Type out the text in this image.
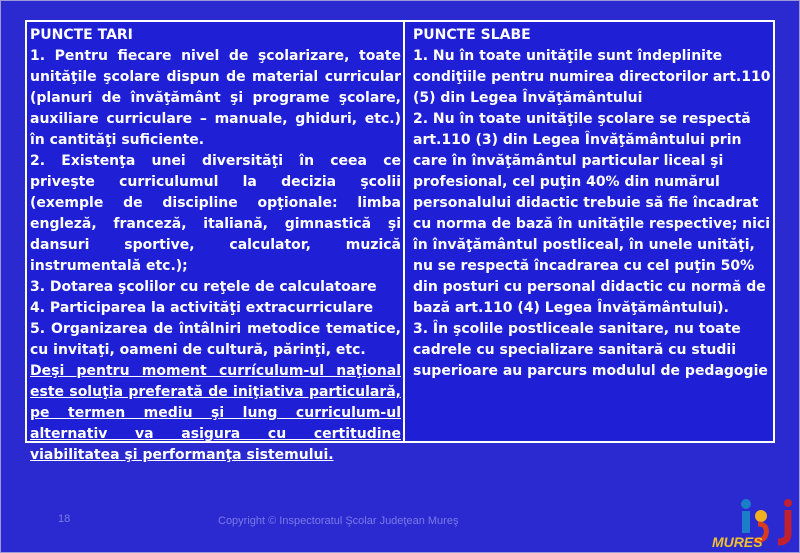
PUNCTE TARI

1. Pentru fiecare nivel de şcolarizare, toate unităţile şcolare dispun de material curricular (planuri de învăţământ şi programe şcolare, auxiliare curriculare – manuale, ghiduri, etc.) în cantităţi suficiente.

2. Existenţa unei diversităţi în ceea ce priveşte curriculumul la decizia şcolii (exemple de discipline opţionale: limba engleză, franceză, italiană, gimnastică şi dansuri sportive, calculator, muzică instrumentală etc.);

3. Dotarea şcolilor cu reţele de calculatoare

4. Participarea la activităţi extracurriculare

5. Organizarea de întâlniri metodice tematice, cu invitaţi, oameni de cultură, părinţi, etc.

Deşi pentru moment currículum-ul naţional este soluţia preferată de iniţiativa particulară, pe termen mediu şi lung curriculum-ul alternativ va asigura cu certitudine viabilitatea şi performanţa sistemului.

PUNCTE SLABE

1. Nu în toate unităţile sunt îndeplinite condiţiile pentru numirea directorilor art.110 (5) din Legea Învăţământului

2. Nu în toate unităţile şcolare se respectă art.110 (3) din Legea Învăţământului prin care în învăţământul particular liceal şi profesional, cel puţin 40% din numărul personalului didactic trebuie să fie încadrat cu norma de bază în unităţile respective; nici în învăţământul postliceal, în unele unităţi, nu se respectă încadrarea cu cel puţin 50% din posturi cu personal didactic cu normă de bază art.110 (4) Legea Învăţământului).

3. În şcolile postliceale sanitare, nu toate cadrele cu specializare sanitară cu studii superioare au parcurs modulul de pedagogie

18	Copyright © Inspectoratul Şcolar Judeţean Mureş
MURES
